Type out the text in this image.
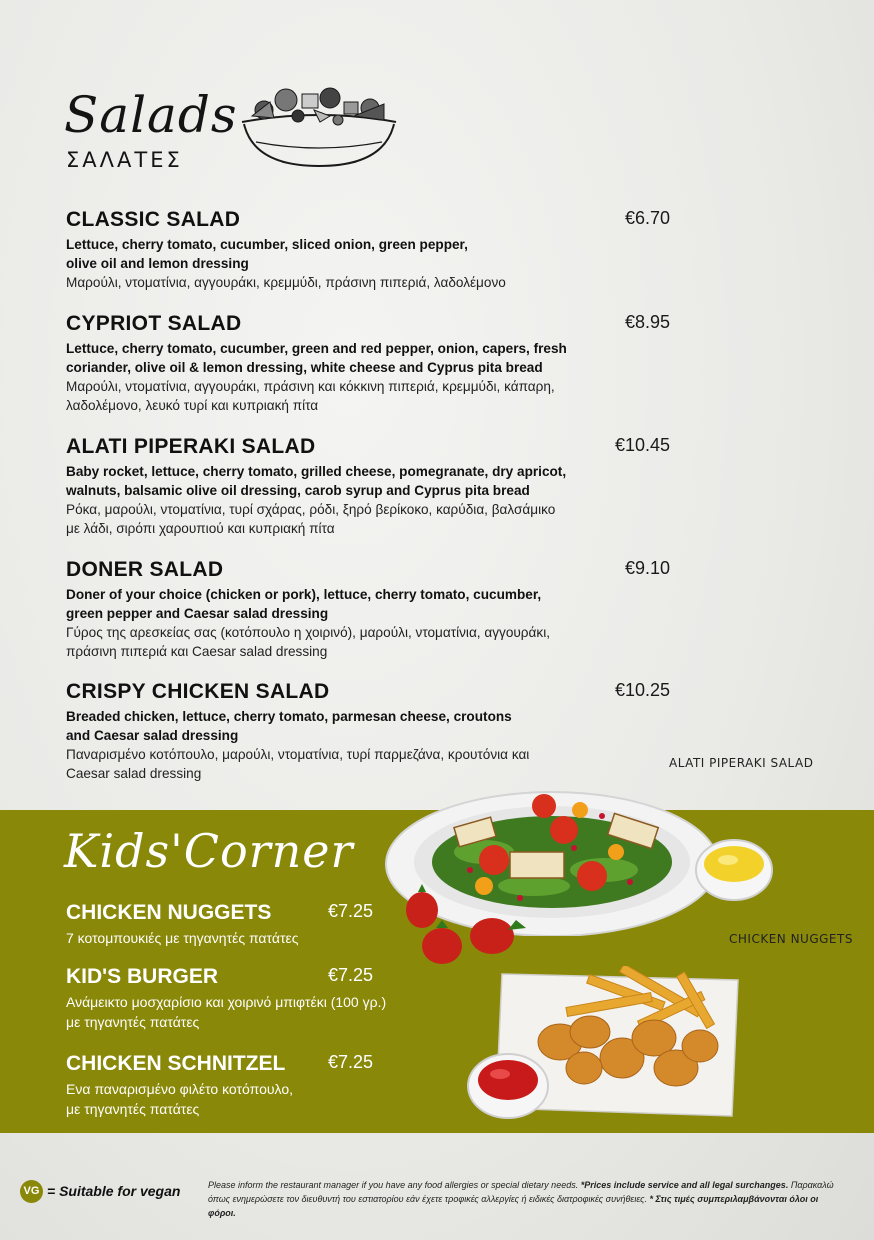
Salads
ΣΑΛΑΤΕΣ
CLASSIC SALAD	€6.70
Lettuce, cherry tomato, cucumber, sliced onion, green pepper,
olive oil and lemon dressing
Μαρούλι, ντοματίνια, αγγουράκι, κρεμμύδι, πράσινη πιπεριά, λαδολέμονο
CYPRIOT SALAD	€8.95
Lettuce, cherry tomato, cucumber, green and red pepper, onion, capers, fresh
coriander, olive oil & lemon dressing, white cheese and Cyprus pita bread
Μαρούλι, ντοματίνια, αγγουράκι, πράσινη και κόκκινη πιπεριά, κρεμμύδι, κάπαρη,
λαδολέμονο, λευκό τυρί και κυπριακή πίτα
ALATI PIPERAKI SALAD	€10.45
Baby rocket, lettuce, cherry tomato, grilled cheese, pomegranate, dry apricot,
walnuts, balsamic olive oil dressing, carob syrup and Cyprus pita bread
Ρόκα, μαρούλι, ντοματίνια, τυρί σχάρας, ρόδι, ξηρό βερίκοκο, καρύδια, βαλσάμικο
με λάδι, σιρόπι χαρουπιού και κυπριακή πίτα
DONER SALAD	€9.10
Doner of your choice (chicken or pork), lettuce, cherry tomato, cucumber,
green pepper and Caesar salad dressing
Γύρος της αρεσκείας σας (κοτόπουλο η χοιρινό), μαρούλι, ντοματίνια, αγγουράκι,
πράσινη πιπεριά και Caesar salad dressing
CRISPY CHICKEN SALAD	€10.25
Breaded chicken, lettuce, cherry tomato, parmesan cheese, croutons
and Caesar salad dressing
Παναρισμένο κοτόπουλο, μαρούλι, ντοματίνια, τυρί παρμεζάνα, κρουτόνια και
Caesar salad dressing
ALATI PIPERAKI SALAD
Kids'Corner
CHICKEN NUGGETS	€7.25
7 κοτομπουκιές με τηγανητές πατάτες
KID'S BURGER	€7.25
Ανάμεικτο μοσχαρίσιο και χοιρινό μπιφτέκι (100 γρ.)
με τηγανητές πατάτες
CHICKEN SCHNITZEL €7.25
Ενα παναρισμένο φιλέτο κοτόπουλο,
με τηγανητές πατάτες
CHICKEN NUGGETS
VG = Suitable for vegan	Please inform the restaurant manager if you have any food allergies or special dietary needs. *Prices include service and all legal surchanges. Παρακαλώ όπως ενημερώσετε τον διευθυντή του εστιατορίου εάν έχετε τροφικές αλλεργίες ή ειδικές διατροφικές συνήθειες. * Στις τιμές συμπεριλαμβάνονται όλοι οι φόροι.
